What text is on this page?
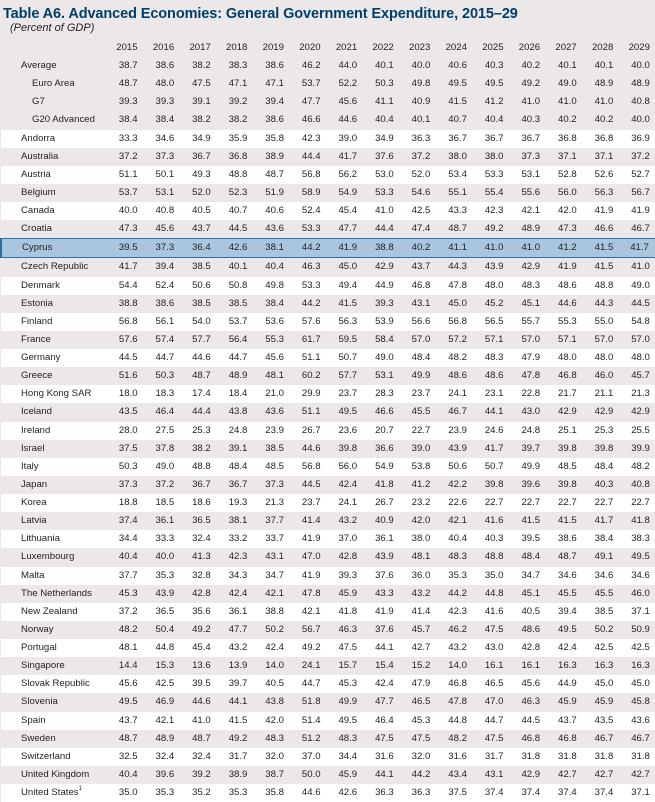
Table A6. Advanced Economies: General Government Expenditure, 2015–29
(Percent of GDP)
	2015	2016	2017	2018	2019	2020	2021	2022	2023	2024	2025	2026	2027	2028	2029
Average	38.7	38.6	38.2	38.3	38.6	46.2	44.0	40.1	40.0	40.6	40.3	40.2	40.1	40.1	40.0
Euro Area	48.7	48.0	47.5	47.1	47.1	53.7	52.2	50.3	49.8	49.5	49.5	49.2	49.0	48.9	48.9
G7	39.3	39.3	39.1	39.2	39.4	47.7	45.6	41.1	40.9	41.5	41.2	41.0	41.0	41.0	40.8
G20 Advanced	38.4	38.4	38.2	38.2	38.6	46.6	44.6	40.4	40.1	40.7	40.4	40.3	40.2	40.2	40.0
Andorra	33.3	34.6	34.9	35.9	35.8	42.3	39.0	34.9	36.3	36.7	36.7	36.7	36.8	36.8	36.9
Australia	37.2	37.3	36.7	36.8	38.9	44.4	41.7	37.6	37.2	38.0	38.0	37.3	37.1	37.1	37.2
Austria	51.1	50.1	49.3	48.8	48.7	56.8	56.2	53.0	52.0	53.4	53.3	53.1	52.8	52.6	52.7
Belgium	53.7	53.1	52.0	52.3	51.9	58.9	54.9	53.3	54.6	55.1	55.4	55.6	56.0	56.3	56.7
Canada	40.0	40.8	40.5	40.7	40.6	52.4	45.4	41.0	42.5	43.3	42.3	42.1	42.0	41.9	41.9
Croatia	47.3	45.6	43.7	44.5	43.6	53.3	47.7	44.4	47.4	48.7	49.2	48.9	47.3	46.6	46.7
Cyprus	39.5	37.3	36.4	42.6	38.1	44.2	41.9	38.8	40.2	41.1	41.0	41.0	41.2	41.5	41.7
Czech Republic	41.7	39.4	38.5	40.1	40.4	46.3	45.0	42.9	43.7	44.3	43.9	42.9	41.9	41.5	41.0
Denmark	54.4	52.4	50.6	50.8	49.8	53.3	49.4	44.9	46.8	47.8	48.0	48.3	48.6	48.8	49.0
Estonia	38.8	38.6	38.5	38.5	38.4	44.2	41.5	39.3	43.1	45.0	45.2	45.1	44.6	44.3	44.5
Finland	56.8	56.1	54.0	53.7	53.6	57.6	56.3	53.9	56.6	56.8	56.5	55.7	55.3	55.0	54.8
France	57.6	57.4	57.7	56.4	55.3	61.7	59.5	58.4	57.0	57.2	57.1	57.0	57.1	57.0	57.0
Germany	44.5	44.7	44.6	44.7	45.6	51.1	50.7	49.0	48.4	48.2	48.3	47.9	48.0	48.0	48.0
Greece	51.6	50.3	48.7	48.9	48.1	60.2	57.7	53.1	49.9	48.6	48.6	47.8	46.8	46.0	45.7
Hong Kong SAR	18.0	18.3	17.4	18.4	21.0	29.9	23.7	28.3	23.7	24.1	23.1	22.8	21.7	21.1	21.3
Iceland	43.5	46.4	44.4	43.8	43.6	51.1	49.5	46.6	45.5	46.7	44.1	43.0	42.9	42.9	42.9
Ireland	28.0	27.5	25.3	24.8	23.9	26.7	23.6	20.7	22.7	23.9	24.6	24.8	25.1	25.3	25.5
Israel	37.5	37.8	38.2	39.1	38.5	44.6	39.8	36.6	39.0	43.9	41.7	39.7	39.8	39.8	39.9
Italy	50.3	49.0	48.8	48.4	48.5	56.8	56.0	54.9	53.8	50.6	50.7	49.9	48.5	48.4	48.2
Japan	37.3	37.2	36.7	36.7	37.3	44.5	42.4	41.8	41.2	42.2	39.8	39.6	39.8	40.3	40.8
Korea	18.8	18.5	18.6	19.3	21.3	23.7	24.1	26.7	23.2	22.6	22.7	22.7	22.7	22.7	22.7
Latvia	37.4	36.1	36.5	38.1	37.7	41.4	43.2	40.9	42.0	42.1	41.6	41.5	41.5	41.7	41.8
Lithuania	34.4	33.3	32.4	33.2	33.7	41.9	37.0	36.1	38.0	40.4	40.3	39.5	38.6	38.4	38.3
Luxembourg	40.4	40.0	41.3	42.3	43.1	47.0	42.8	43.9	48.1	48.3	48.8	48.4	48.7	49.1	49.5
Malta	37.7	35.3	32.8	34.3	34.7	41.9	39.3	37.6	36.0	35.3	35.0	34.7	34.6	34.6	34.6
The Netherlands	45.3	43.9	42.8	42.4	42.1	47.8	45.9	43.3	43.2	44.2	44.8	45.1	45.5	45.5	46.0
New Zealand	37.2	36.5	35.6	36.1	38.8	42.1	41.8	41.9	41.4	42.3	41.6	40.5	39.4	38.5	37.1
Norway	48.2	50.4	49.2	47.7	50.2	56.7	46.3	37.6	45.7	46.2	47.5	48.6	49.5	50.2	50.9
Portugal	48.1	44.8	45.4	43.2	42.4	49.2	47.5	44.1	42.7	43.2	43.0	42.8	42.4	42.5	42.5
Singapore	14.4	15.3	13.6	13.9	14.0	24.1	15.7	15.4	15.2	14.0	16.1	16.1	16.3	16.3	16.3
Slovak Republic	45.6	42.5	39.5	39.7	40.5	44.7	45.3	42.4	47.9	46.8	46.5	45.6	44.9	45.0	45.0
Slovenia	49.5	46.9	44.6	44.1	43.8	51.8	49.9	47.7	46.5	47.8	47.0	46.3	45.9	45.9	45.8
Spain	43.7	42.1	41.0	41.5	42.0	51.4	49.5	46.4	45.3	44.8	44.7	44.5	43.7	43.5	43.6
Sweden	48.7	48.9	48.7	49.2	48.3	51.2	48.3	47.5	47.5	48.2	47.5	46.8	46.8	46.7	46.7
Switzerland	32.5	32.4	32.4	31.7	32.0	37.0	34.4	31.6	32.0	31.6	31.7	31.8	31.8	31.8	31.8
United Kingdom	40.4	39.6	39.2	38.9	38.7	50.0	45.9	44.1	44.2	43.4	43.1	42.9	42.7	42.7	42.7
United States$^1$	35.0	35.3	35.2	35.3	35.8	44.6	42.6	36.3	36.3	37.5	37.4	37.4	37.4	37.4	37.1
